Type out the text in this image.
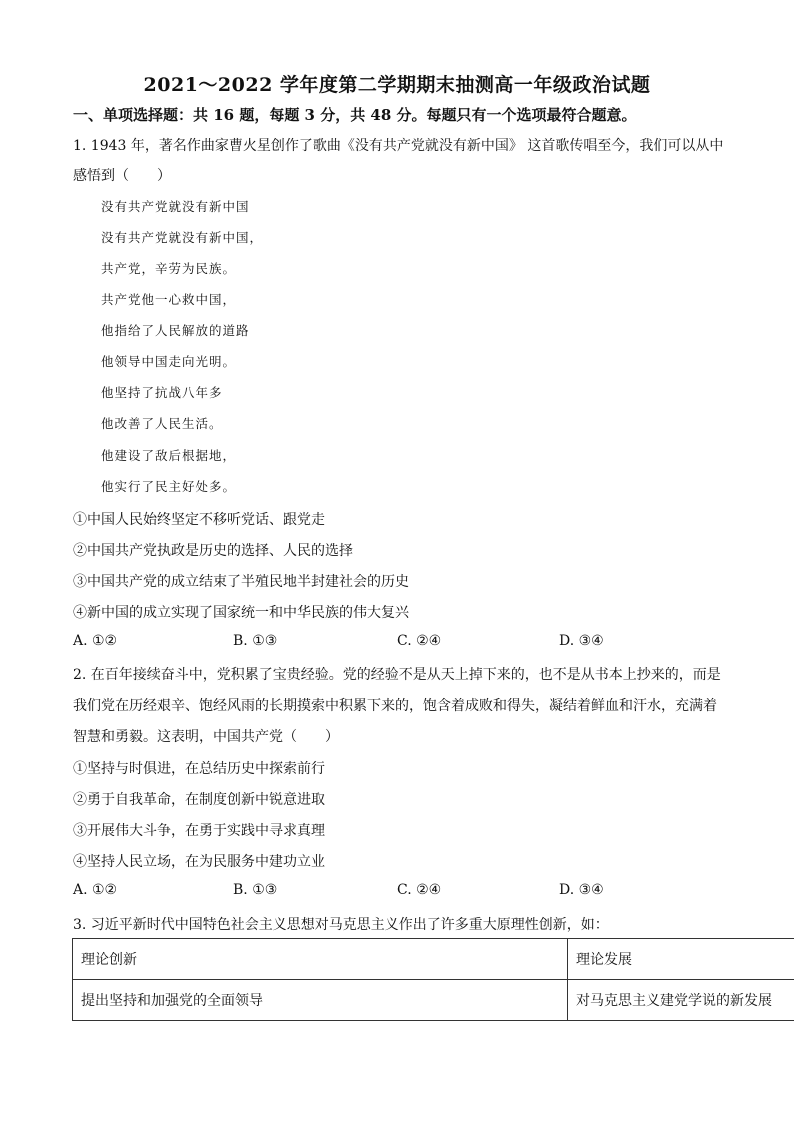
2021～2022 学年度第二学期期末抽测高一年级政治试题
一、单项选择题：共 16 题，每题 3 分，共 48 分。每题只有一个选项最符合题意。
1. 1943 年，著名作曲家曹火星创作了歌曲《没有共产党就没有新中国》 这首歌传唱至今，我们可以从中
感悟到（　　）
没有共产党就没有新中国
没有共产党就没有新中国，
共产党，辛劳为民族。
共产党他一心救中国，
他指给了人民解放的道路
他领导中国走向光明。
他坚持了抗战八年多
他改善了人民生活。
他建设了敌后根据地，
他实行了民主好处多。
①中国人民始终坚定不移听党话、跟党走
②中国共产党执政是历史的选择、人民的选择
③中国共产党的成立结束了半殖民地半封建社会的历史
④新中国的成立实现了国家统一和中华民族的伟大复兴
A. ①②	B. ①③	C. ②④	D. ③④
2. 在百年接续奋斗中，党积累了宝贵经验。党的经验不是从天上掉下来的，也不是从书本上抄来的，而是
我们党在历经艰辛、饱经风雨的长期摸索中积累下来的，饱含着成败和得失，凝结着鲜血和汗水，充满着
智慧和勇毅。这表明，中国共产党（　　）
①坚持与时俱进，在总结历史中探索前行
②勇于自我革命，在制度创新中锐意进取
③开展伟大斗争，在勇于实践中寻求真理
④坚持人民立场，在为民服务中建功立业
A. ①②	B. ①③	C. ②④	D. ③④
3. 习近平新时代中国特色社会主义思想对马克思主义作出了许多重大原理性创新，如：
理论创新	理论发展
提出坚持和加强党的全面领导	对马克思主义建党学说的新发展
